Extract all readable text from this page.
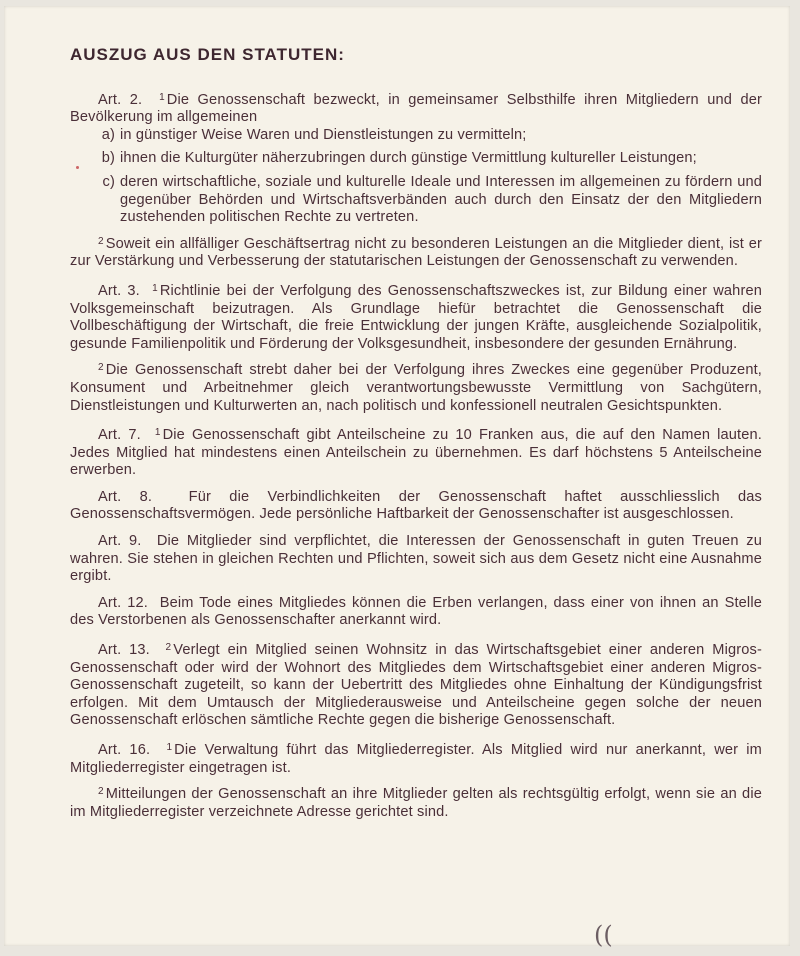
AUSZUG AUS DEN STATUTEN:

Art. 2. $^1$ Die Genossenschaft bezweckt, in gemeinsamer Selbsthilfe ihren Mitgliedern und der Bevölkerung im allgemeinen

a) in günstiger Weise Waren und Dienstleistungen zu vermitteln;
b) ihnen die Kulturgüter näherzubringen durch günstige Vermittlung kultureller Leistungen;
c) deren wirtschaftliche, soziale und kulturelle Ideale und Interessen im allgemeinen zu fördern und gegenüber Behörden und Wirtschaftsverbänden auch durch den Einsatz der den Mitgliedern zustehenden politischen Rechte zu vertreten.

$^2$ Soweit ein allfälliger Geschäftsertrag nicht zu besonderen Leistungen an die Mitglieder dient, ist er zur Verstärkung und Verbesserung der statutarischen Leistungen der Genossenschaft zu verwenden.

Art. 3. $^1$ Richtlinie bei der Verfolgung des Genossenschaftszweckes ist, zur Bildung einer wahren Volksgemeinschaft beizutragen. Als Grundlage hiefür betrachtet die Genossenschaft die Vollbeschäftigung der Wirtschaft, die freie Entwicklung der jungen Kräfte, ausgleichende Sozialpolitik, gesunde Familienpolitik und Förderung der Volksgesundheit, insbesondere der gesunden Ernährung.

$^2$ Die Genossenschaft strebt daher bei der Verfolgung ihres Zweckes eine gegenüber Produzent, Konsument und Arbeitnehmer gleich verantwortungsbewusste Vermittlung von Sachgütern, Dienstleistungen und Kulturwerten an, nach politisch und konfessionell neutralen Gesichtspunkten.

Art. 7. $^1$ Die Genossenschaft gibt Anteilscheine zu 10 Franken aus, die auf den Namen lauten. Jedes Mitglied hat mindestens einen Anteilschein zu übernehmen. Es darf höchstens 5 Anteilscheine erwerben.

Art. 8.	Für die Verbindlichkeiten der Genossenschaft haftet ausschliesslich das Genossenschaftsvermögen. Jede persönliche Haftbarkeit der Genossenschafter ist ausgeschlossen.

Art. 9. Die Mitglieder sind verpflichtet, die Interessen der Genossenschaft in guten Treuen zu wahren. Sie stehen in gleichen Rechten und Pflichten, soweit sich aus dem Gesetz nicht eine Ausnahme ergibt.

Art. 12. Beim Tode eines Mitgliedes können die Erben verlangen, dass einer von ihnen an Stelle des Verstorbenen als Genossenschafter anerkannt wird.

Art. 13. $^2$ Verlegt ein Mitglied seinen Wohnsitz in das Wirtschaftsgebiet einer anderen Migros-Genossenschaft oder wird der Wohnort des Mitgliedes dem Wirtschaftsgebiet einer anderen Migros-Genossenschaft zugeteilt, so kann der Uebertritt des Mitgliedes ohne Einhaltung der Kündigungsfrist erfolgen. Mit dem Umtausch der Mitgliederausweise und Anteilscheine gegen solche der neuen Genossenschaft erlöschen sämtliche Rechte gegen die bisherige Genossenschaft.

Art. 16. $^1$ Die Verwaltung führt das Mitgliederregister. Als Mitglied wird nur anerkannt, wer im Mitgliederregister eingetragen ist.

$^2$ Mitteilungen der Genossenschaft an ihre Mitglieder gelten als rechtsgültig erfolgt, wenn sie an die im Mitgliederregister verzeichnete Adresse gerichtet sind.

((
